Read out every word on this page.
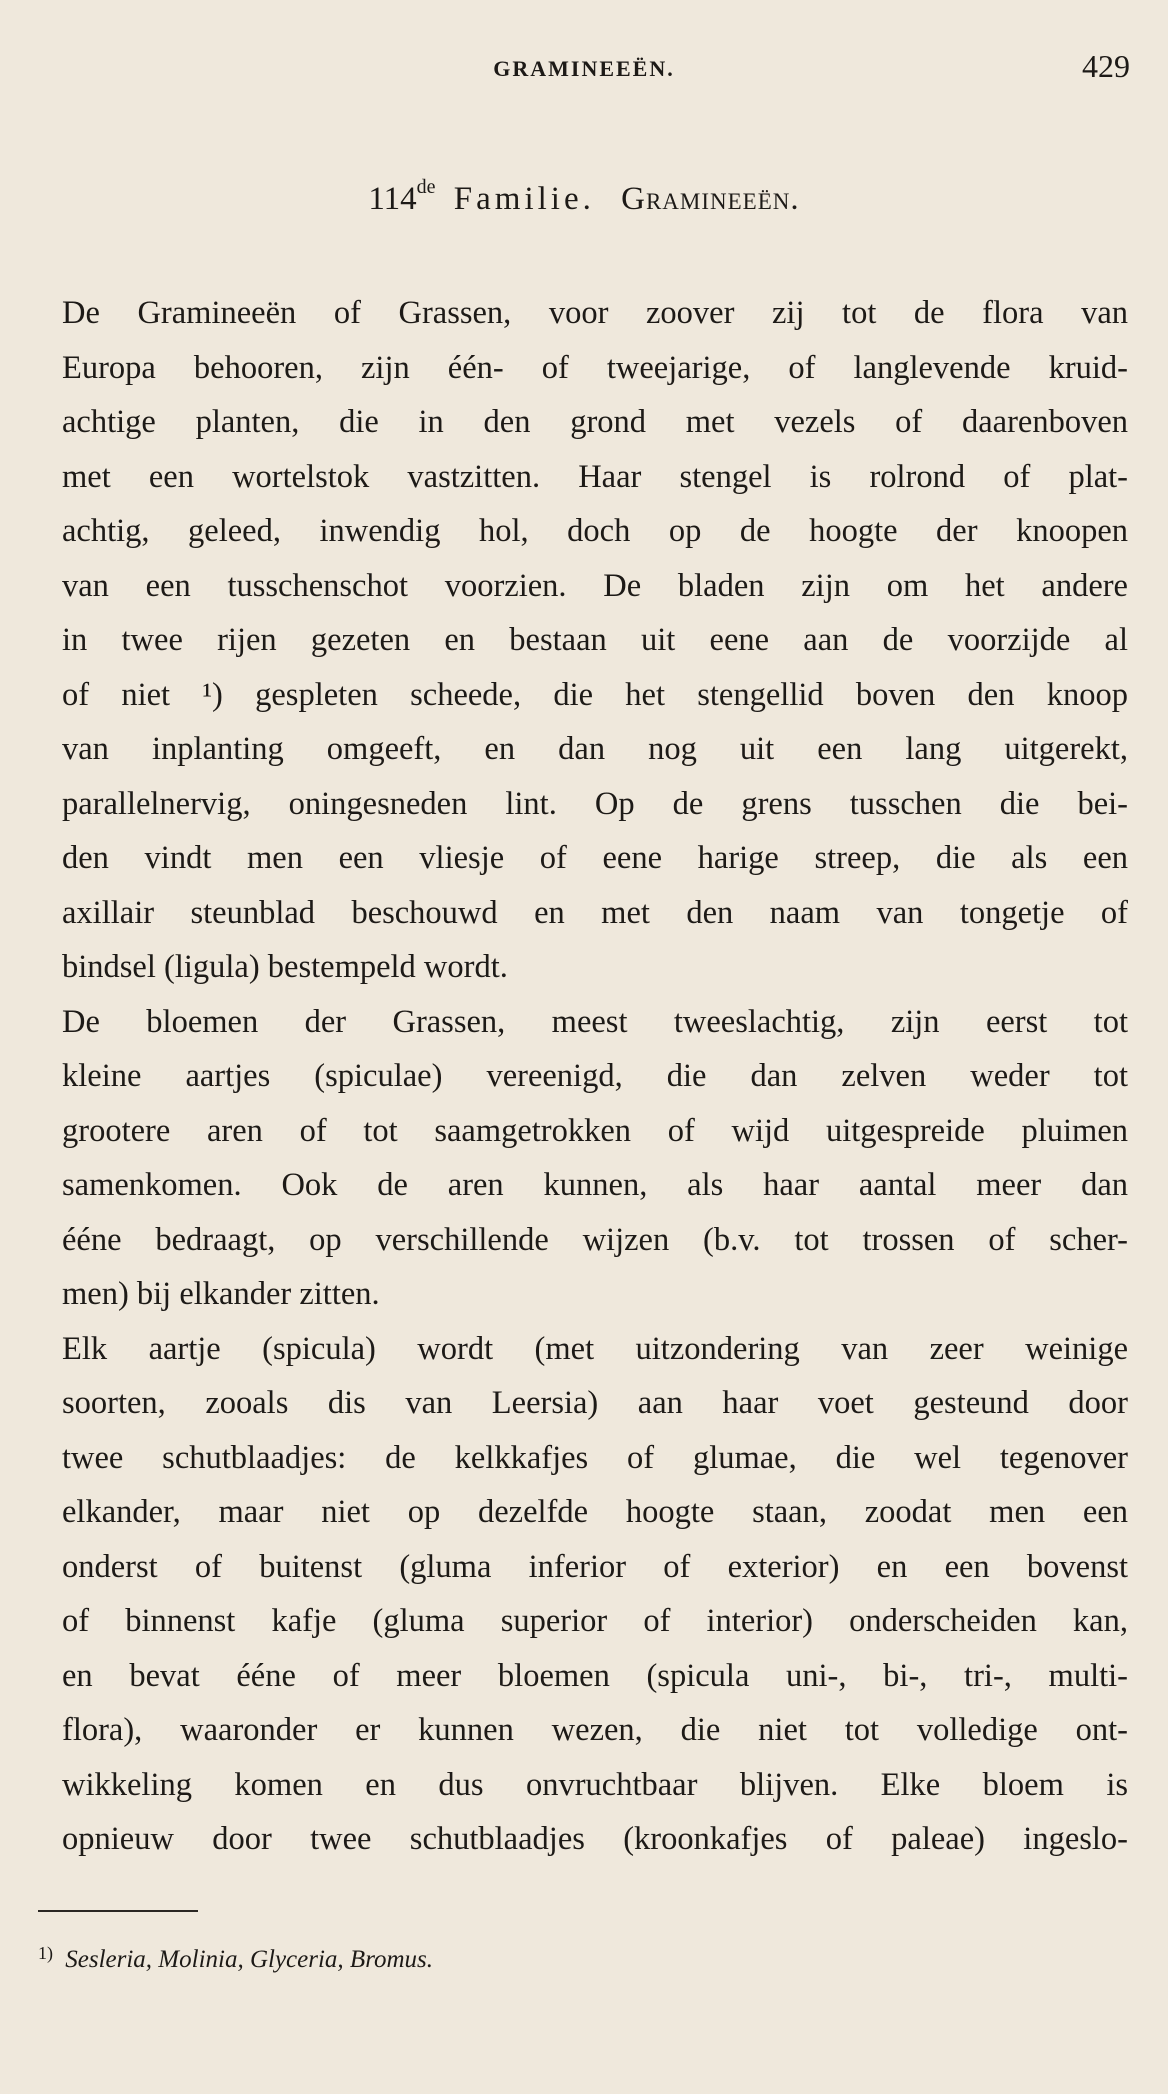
GRAMINEEËN.	429
114de Familie. Gramineeën.
De Gramineeën of Grassen, voor zoover zij tot de flora van
Europa behooren, zijn één- of tweejarige, of langlevende kruid-
achtige planten, die in den grond met vezels of daarenboven
met een wortelstok vastzitten. Haar stengel is rolrond of plat-
achtig, geleed, inwendig hol, doch op de hoogte der knoopen
van een tusschenschot voorzien. De bladen zijn om het andere
in twee rijen gezeten en bestaan uit eene aan de voorzijde al
of niet ¹) gespleten scheede, die het stengellid boven den knoop
van inplanting omgeeft, en dan nog uit een lang uitgerekt,
parallelnervig, oningesneden lint. Op de grens tusschen die bei-
den vindt men een vliesje of eene harige streep, die als een
axillair steunblad beschouwd en met den naam van tongetje of
bindsel (ligula) bestempeld wordt.
De bloemen der Grassen, meest tweeslachtig, zijn eerst tot
kleine aartjes (spiculae) vereenigd, die dan zelven weder tot
grootere aren of tot saamgetrokken of wijd uitgespreide pluimen
samenkomen. Ook de aren kunnen, als haar aantal meer dan
ééne bedraagt, op verschillende wijzen (b.v. tot trossen of scher-
men) bij elkander zitten.
Elk aartje (spicula) wordt (met uitzondering van zeer weinige
soorten, zooals dis van Leersia) aan haar voet gesteund door
twee schutblaadjes: de kelkkafjes of glumae, die wel tegenover
elkander, maar niet op dezelfde hoogte staan, zoodat men een
onderst of buitenst (gluma inferior of exterior) en een bovenst
of binnenst kafje (gluma superior of interior) onderscheiden kan,
en bevat ééne of meer bloemen (spicula uni-, bi-, tri-, multi-
flora), waaronder er kunnen wezen, die niet tot volledige ont-
wikkeling komen en dus onvruchtbaar blijven. Elke bloem is
opnieuw door twee schutblaadjes (kroonkafjes of paleae) ingeslo-
$^{1)}$ Sesleria, Molinia, Glyceria, Bromus.
